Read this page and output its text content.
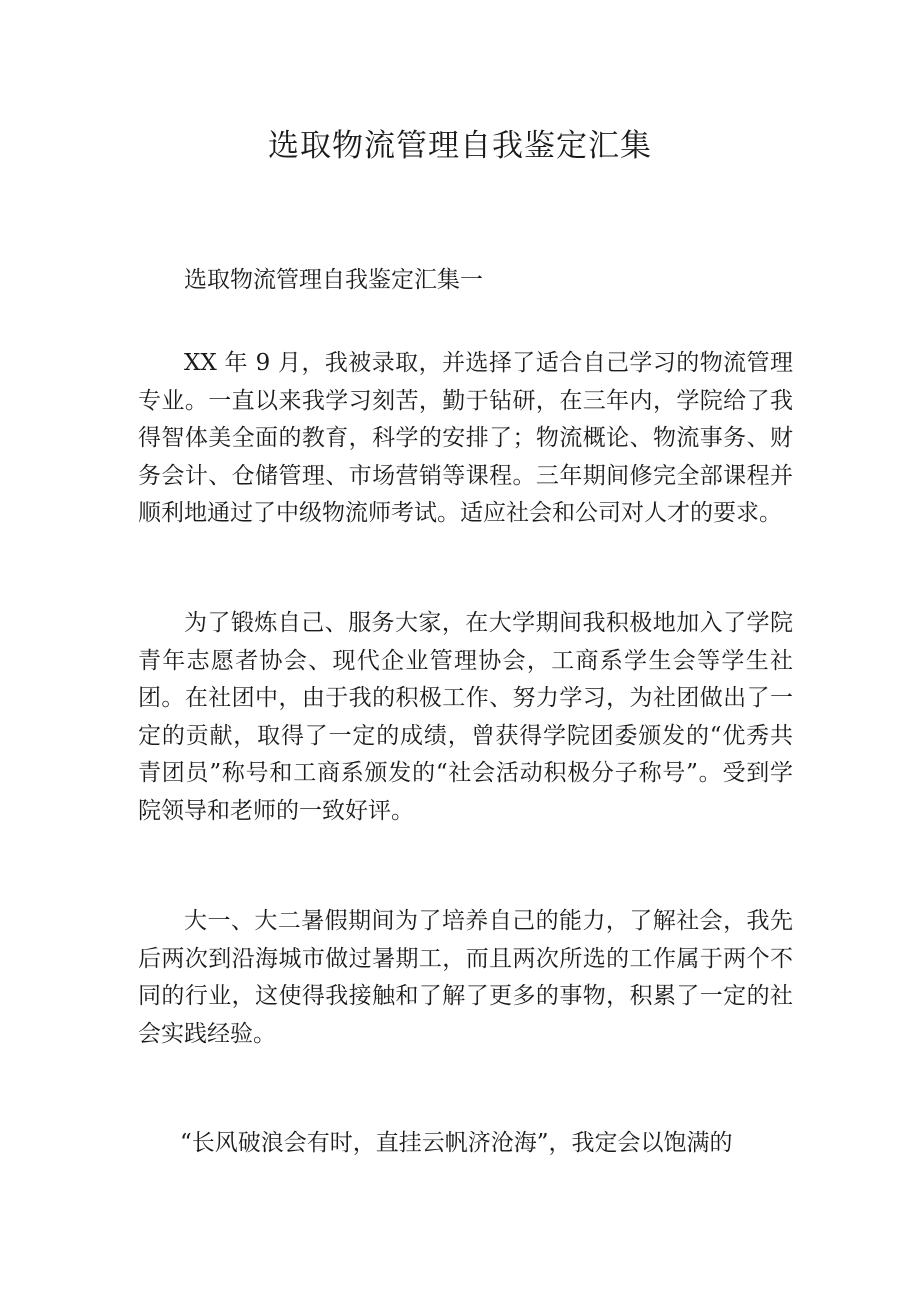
选取物流管理自我鉴定汇集

选取物流管理自我鉴定汇集一

XX 年 9 月，我被录取，并选择了适合自己学习的物流管理专业。一直以来我学习刻苦，勤于钻研，在三年内，学院给了我得智体美全面的教育，科学的安排了；物流概论、物流事务、财务会计、仓储管理、市场营销等课程。三年期间修完全部课程并顺利地通过了中级物流师考试。适应社会和公司对人才的要求。

为了锻炼自己、服务大家，在大学期间我积极地加入了学院青年志愿者协会、现代企业管理协会，工商系学生会等学生社团。在社团中，由于我的积极工作、努力学习，为社团做出了一定的贡献，取得了一定的成绩，曾获得学院团委颁发的“优秀共青团员”称号和工商系颁发的“社会活动积极分子称号”。受到学院领导和老师的一致好评。

大一、大二暑假期间为了培养自己的能力，了解社会，我先后两次到沿海城市做过暑期工，而且两次所选的工作属于两个不同的行业，这使得我接触和了解了更多的事物，积累了一定的社会实践经验。

“长风破浪会有时，直挂云帆济沧海”，我定会以饱满的
